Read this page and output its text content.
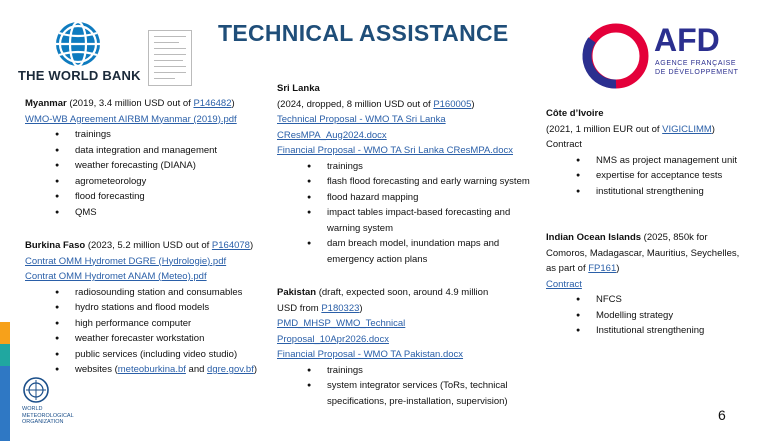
THE WORLD BANK
TECHNICAL ASSISTANCE	AFD
AGENCE FRANÇAISE
DE DÉVELOPPEMENT

Myanmar (2019, 3.4 million USD out of P146482)

WMO-WB Agreement AIRBM Myanmar (2019).pdf

● trainings
● data integration and management
● weather forecasting (DIANA)
● agrometeorology
● flood forecasting
● QMS

Burkina Faso (2023, 5.2 million USD out of P164078)

Contrat OMM Hydromet DGRE (Hydrologie).pdf

Contrat OMM Hydromet ANAM (Meteo).pdf

● radiosounding station and consumables
● hydro stations and flood models
● high performance computer
● weather forecaster workstation
● public services (including video studio)
● websites (meteoburkina.bf and dgre.gov.bf)

Sri Lanka

(2024, dropped, 8 million USD out of P160005)

Technical Proposal - WMO TA Sri Lanka

CResMPA_Aug2024.docx

Financial Proposal - WMO TA Sri Lanka CResMPA.docx

● trainings
● flash flood forecasting and early warning system
● flood hazard mapping
● impact tables impact-based forecasting and warning system
● dam breach model, inundation maps and emergency action plans

Pakistan (draft, expected soon, around 4.9 million

USD from P180323)

PMD_MHSP_WMO_Technical

Proposal_10Apr2026.docx

Financial Proposal - WMO TA Pakistan.docx

● trainings
● system integrator services (ToRs, technical specifications, pre-installation, supervision)

Côte d’Ivoire

(2021, 1 million EUR out of VIGICLIMM)

Contract

● NMS as project management unit
● expertise for acceptance tests
● institutional strengthening

Indian Ocean Islands (2025, 850k for

Comoros, Madagascar, Mauritius, Seychelles,

as part of FP161)

Contract

● NFCS
● Modelling strategy
● Institutional strengthening
WORLD
METEOROLOGICAL
ORGANIZATION	6
